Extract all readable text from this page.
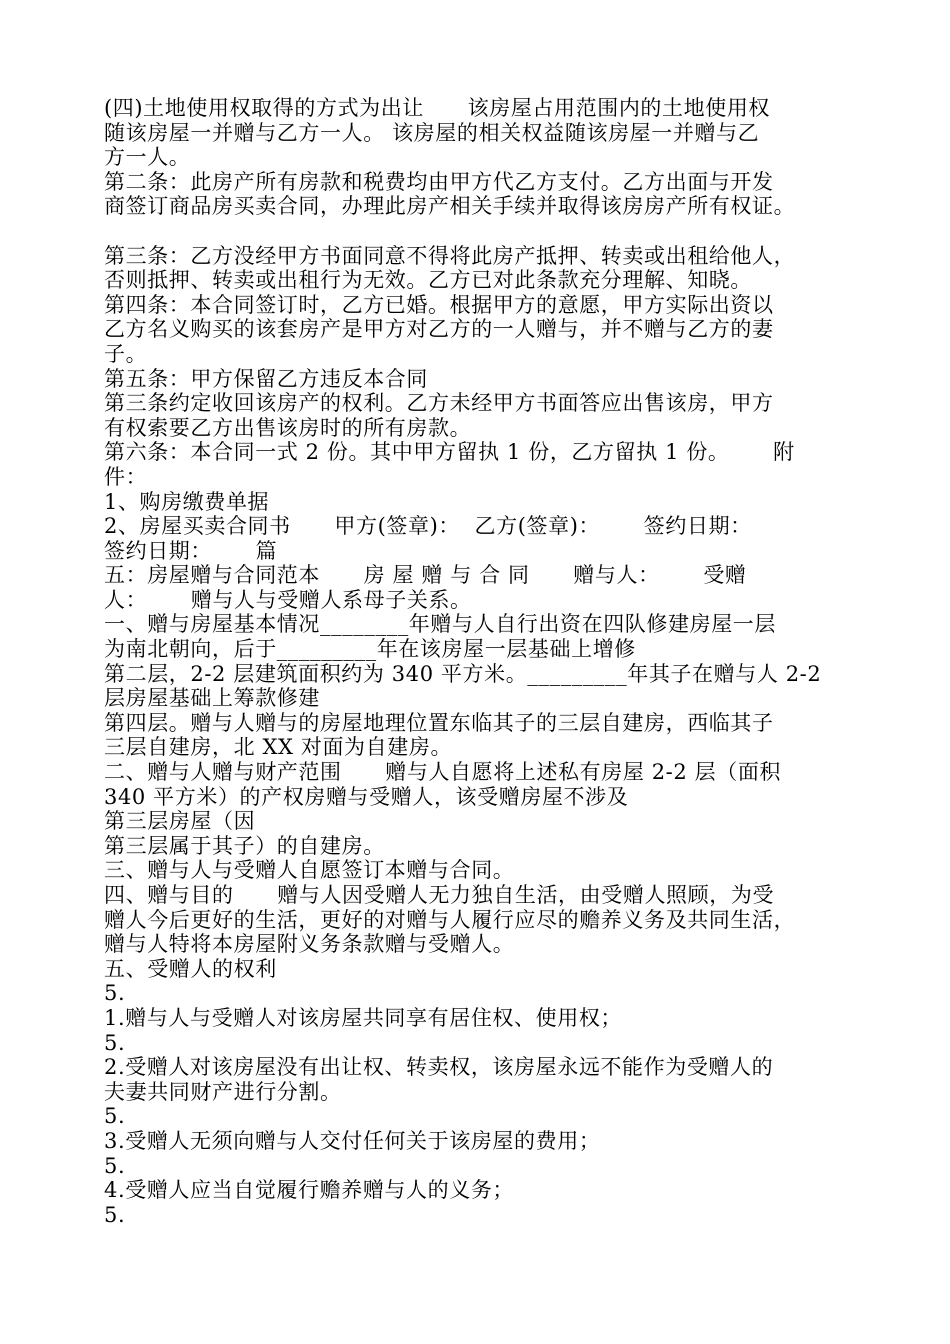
(四)土地使用权取得的方式为出让      该房屋占用范围内的土地使用权
随该房屋一并赠与乙方一人。 该房屋的相关权益随该房屋一并赠与乙
方一人。
第二条：此房产所有房款和税费均由甲方代乙方支付。乙方出面与开发
商签订商品房买卖合同，办理此房产相关手续并取得该房房产所有权证。
第三条：乙方没经甲方书面同意不得将此房产抵押、转卖或出租给他人，
否则抵押、转卖或出租行为无效。乙方已对此条款充分理解、知晓。
第四条：本合同签订时，乙方已婚。根据甲方的意愿，甲方实际出资以
乙方名义购买的该套房产是甲方对乙方的一人赠与，并不赠与乙方的妻
子。
第五条：甲方保留乙方违反本合同
第三条约定收回该房产的权利。乙方未经甲方书面答应出售该房，甲方
有权索要乙方出售该房时的所有房款。
第六条：本合同一式 2 份。其中甲方留执 1 份，乙方留执 1 份。      附
件：
1、购房缴费单据
2、房屋买卖合同书      甲方(签章)：  乙方(签章)：      签约日期：
签约日期：      篇
五：房屋赠与合同范本      房 屋 赠 与 合 同      赠与人：      受赠
人：      赠与人与受赠人系母子关系。
一、赠与房屋基本情况________年赠与人自行出资在四队修建房屋一层
为南北朝向，后于_________年在该房屋一层基础上增修
第二层，2-2 层建筑面积约为 340 平方米。_________年其子在赠与人 2-2
层房屋基础上筹款修建
第四层。赠与人赠与的房屋地理位置东临其子的三层自建房，西临其子
三层自建房，北 XX 对面为自建房。
二、赠与人赠与财产范围      赠与人自愿将上述私有房屋 2-2 层（面积
340 平方米）的产权房赠与受赠人，该受赠房屋不涉及
第三层房屋（因
第三层属于其子）的自建房。
三、赠与人与受赠人自愿签订本赠与合同。
四、赠与目的      赠与人因受赠人无力独自生活，由受赠人照顾，为受
赠人今后更好的生活，更好的对赠与人履行应尽的赡养义务及共同生活，
赠与人特将本房屋附义务条款赠与受赠人。
五、受赠人的权利
5.
1.赠与人与受赠人对该房屋共同享有居住权、使用权；
5.
2.受赠人对该房屋没有出让权、转卖权，该房屋永远不能作为受赠人的
夫妻共同财产进行分割。
5.
3.受赠人无须向赠与人交付任何关于该房屋的费用；
5.
4.受赠人应当自觉履行赡养赠与人的义务；
5.
